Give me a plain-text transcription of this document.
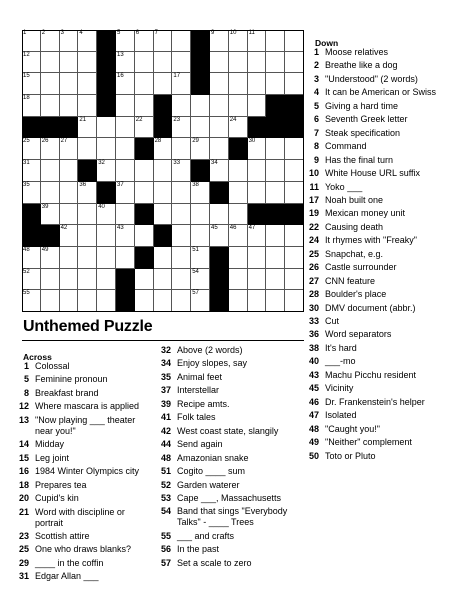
1	2	3	4	5	6	7	9	10 11
12	13
15	16	17
18
21	22	23	24
25 26 27	28	29	30
31	32	33	34
35	36	37	38
39	40
42	43	45 46 47
48 49	51
52	54
55	57
Unthemed Puzzle
Across
Down
1 Colossal
5 Feminine pronoun
8 Breakfast brand
12 Where mascara is applied
13 "Now playing ___ theater
near you!"
14 Midday
15 Leg joint
16 1984 Winter Olympics city
18 Prepares tea
20 Cupid's kin
21 Word with discipline or
portrait
23 Scottish attire
25 One who draws blanks?
29 ____ in the coffin
31 Edgar Allan ___
32 Above (2 words)
34 Enjoy slopes, say
35 Animal feet
37 Interstellar
39 Recipe amts.
41 Folk tales
42 West coast state, slangily
44 Send again
48 Amazonian snake
51 Cogito ____ sum
52 Garden waterer
53 Cape ___, Massachusetts
54 Band that sings "Everybody
Talks" - ____ Trees
55 ___ and crafts
56 In the past
57 Set a scale to zero
1 Moose relatives
2 Breathe like a dog
3 "Understood" (2 words)
4 It can be American or Swiss
5 Giving a hard time
6 Seventh Greek letter
7 Steak specification
8 Command
9 Has the final turn
10 White House URL suffix
11 Yoko ___
17 Noah built one
19 Mexican money unit
22 Causing death
24 It rhymes with "Freaky"
25 Snapchat, e.g.
26 Castle surrounder
27 CNN feature
28 Boulder's place
30 DMV document (abbr.)
33 Cut
36 Word separators
38 It's hard
40 ___-mo
43 Machu Picchu resident
45 Vicinity
46 Dr. Frankenstein's helper
47 Isolated
48 "Caught you!"
49 "Neither" complement
50 Toto or Pluto
